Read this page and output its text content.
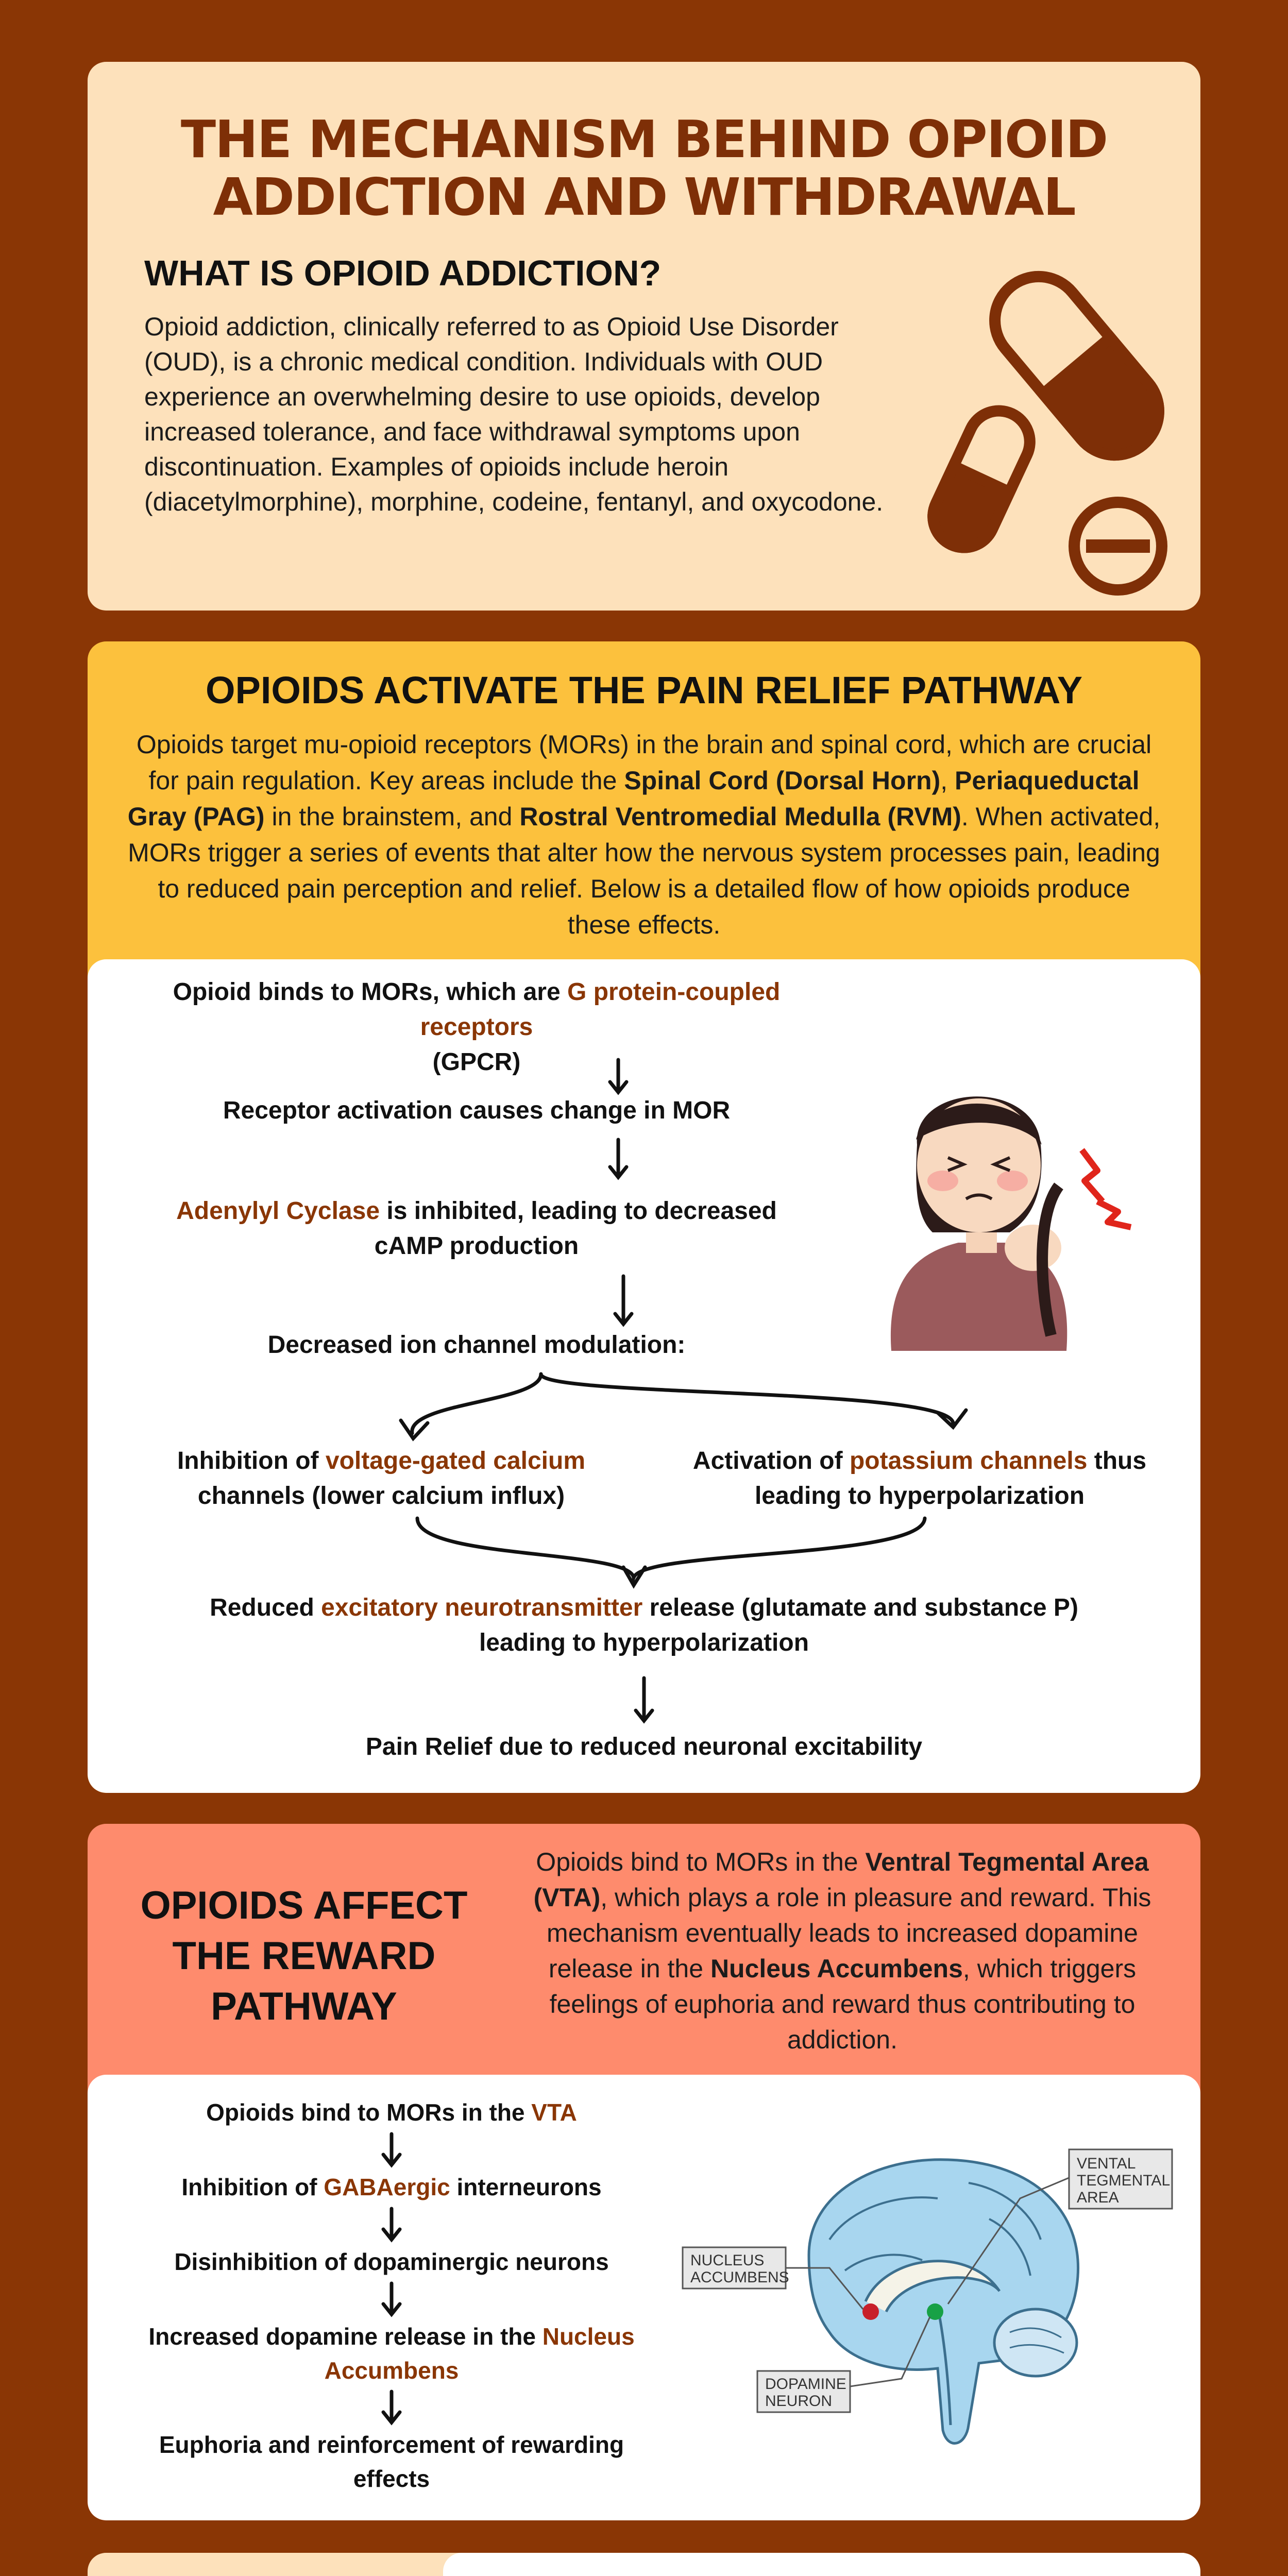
THE MECHANISM BEHIND OPIOID
ADDICTION AND WITHDRAWAL
WHAT IS OPIOID ADDICTION?
Opioid addiction, clinically referred to as Opioid Use Disorder (OUD), is a chronic medical condition. Individuals with OUD experience an overwhelming desire to use opioids, develop increased tolerance, and face withdrawal symptoms upon discontinuation. Examples of opioids include heroin (diacetylmorphine), morphine, codeine, fentanyl, and oxycodone.
OPIOIDS ACTIVATE THE PAIN RELIEF PATHWAY
Opioids target mu-opioid receptors (MORs) in the brain and spinal cord, which are crucial for pain regulation. Key areas include the Spinal Cord (Dorsal Horn), Periaqueductal Gray (PAG) in the brainstem, and Rostral Ventromedial Medulla (RVM). When activated, MORs trigger a series of events that alter how the nervous system processes pain, leading to reduced pain perception and relief. Below is a detailed flow of how opioids produce these effects.
Opioid binds to MORs, which are G protein-coupled receptors
(GPCR)
Receptor activation causes change in MOR
Adenylyl Cyclase is inhibited, leading to decreased
cAMP production
Decreased ion channel modulation:
Inhibition of voltage-gated calcium
channels (lower calcium influx)
Activation of potassium channels thus
leading to hyperpolarization
Reduced excitatory neurotransmitter release (glutamate and substance P)
leading to hyperpolarization
Pain Relief due to reduced neuronal excitability
OPIOIDS AFFECT THE REWARD PATHWAY
Opioids bind to MORs in the Ventral Tegmental Area (VTA), which plays a role in pleasure and reward. This mechanism eventually leads to increased dopamine release in the Nucleus Accumbens, which triggers feelings of euphoria and reward thus contributing to addiction.
Opioids bind to MORs in the VTA
Inhibition of GABAergic interneurons
Disinhibition of dopaminergic neurons
Increased dopamine release in the Nucleus
Accumbens
Euphoria and reinforcement of rewarding
effects
VENTAL
TEGMENTAL
AREA
NUCLEUS
ACCUMBENS
DOPAMINE
NEURON
